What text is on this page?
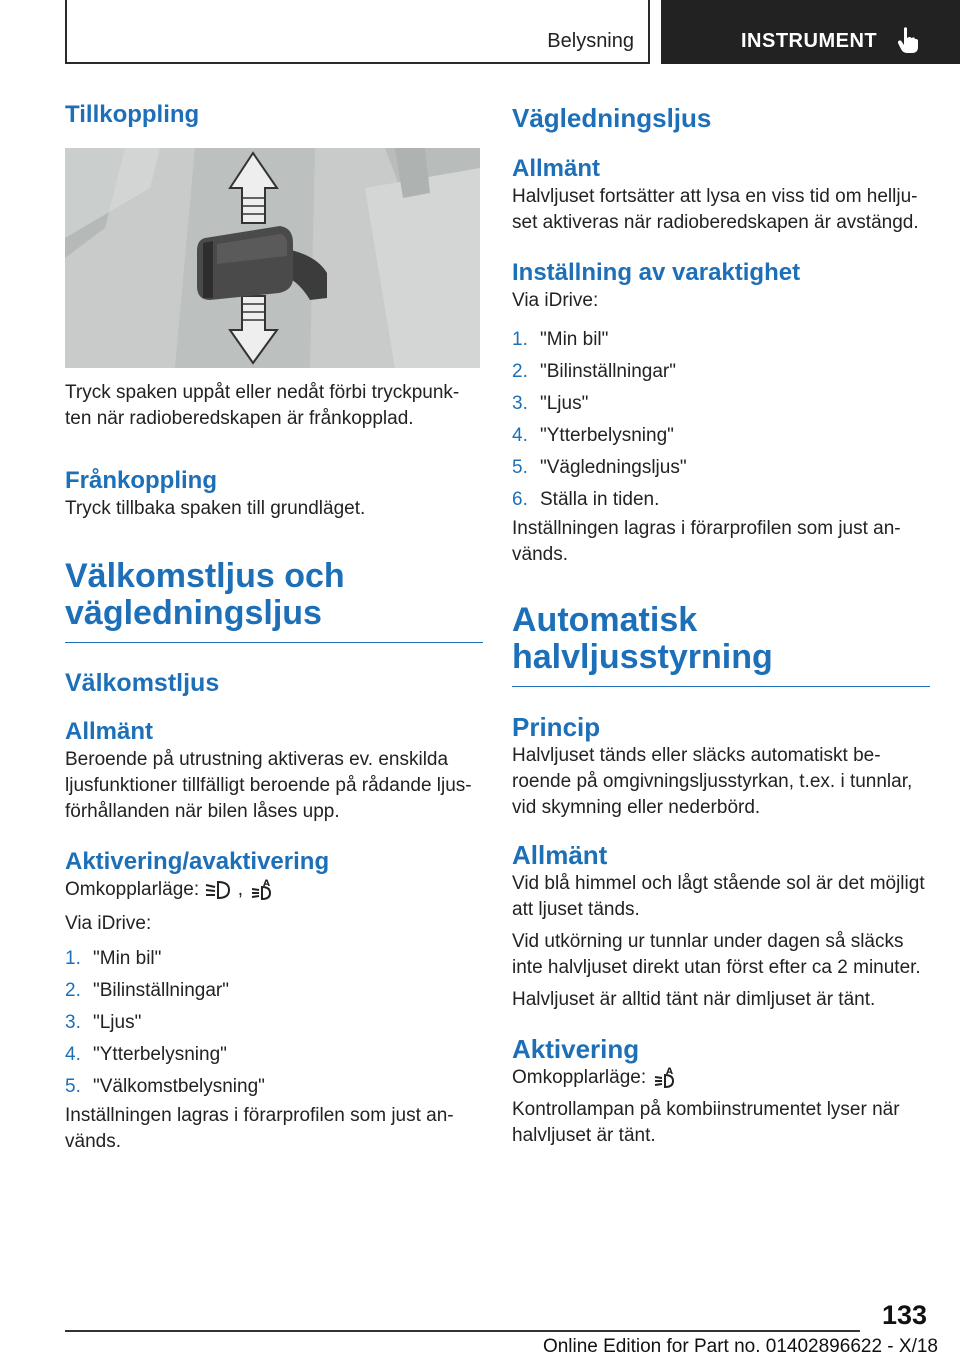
Belysning	INSTRUMENT
Tillkoppling

Tryck spaken uppåt eller nedåt förbi tryckpunk-ten när radioberedskapen är frånkopplad.

Frånkoppling

Tryck tillbaka spaken till grundläget.

Välkomstljus och vägledningsljus
Välkomstljus
Allmänt

Beroende på utrustning aktiveras ev. enskilda ljusfunktioner tillfälligt beroende på rådande ljus-förhållanden när bilen låses upp.

Aktivering/avaktivering

Omkopplarläge: , A

Via iDrive:

1. "Min bil"
2. "Bilinställningar"
3. "Ljus"
4. "Ytterbelysning"
5. "Välkomstbelysning"

Inställningen lagras i förarprofilen som just an-vänds.

Vägledningsljus
Allmänt

Halvljuset fortsätter att lysa en viss tid om hellju-set aktiveras när radioberedskapen är avstängd.

Inställning av varaktighet

Via iDrive:

1. "Min bil"
2. "Bilinställningar"
3. "Ljus"
4. "Ytterbelysning"
5. "Vägledningsljus"
6. Ställa in tiden.

Inställningen lagras i förarprofilen som just an-vänds.

Automatisk halvljusstyrning
Princip

Halvljuset tänds eller släcks automatiskt be-roende på omgivningsljusstyrkan, t.ex. i tunnlar, vid skymning eller nederbörd.

Allmänt

Vid blå himmel och lågt stående sol är det möjligt att ljuset tänds.

Vid utkörning ur tunnlar under dagen så släcks inte halvljuset direkt utan först efter ca 2 minuter.

Halvljuset är alltid tänt när dimljuset är tänt.

Aktivering

Omkopplarläge: A

Kontrollampan på kombiinstrumentet lyser när halvljuset är tänt.

133
Online Edition for Part no. 01402896622 - X/18
